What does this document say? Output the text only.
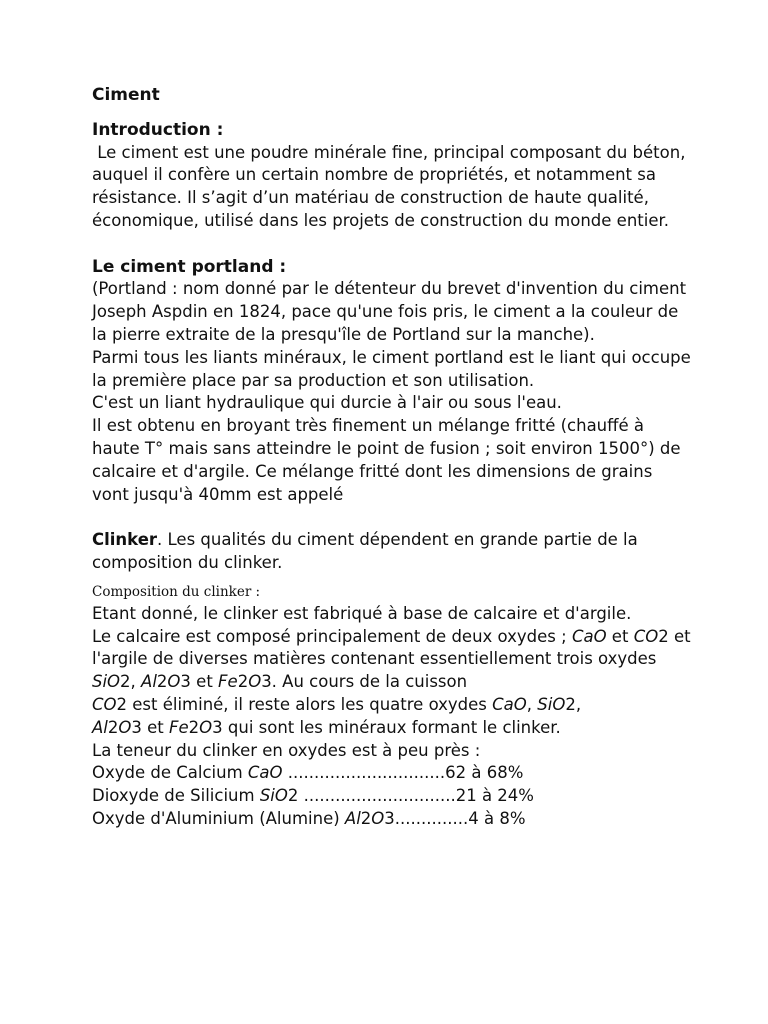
Ciment

Introduction :

Le ciment est une poudre minérale fine, principal composant du béton, auquel il confère un certain nombre de propriétés, et notamment sa résistance. Il s’agit d’un matériau de construction de haute qualité, économique, utilisé dans les projets de construction du monde entier.

Le ciment portland :

(Portland : nom donné par le détenteur du brevet d'invention du ciment Joseph Aspdin en 1824, pace qu'une fois pris, le ciment a la couleur de la pierre extraite de la presqu'île de Portland sur la manche).

Parmi tous les liants minéraux, le ciment portland est le liant qui occupe la première place par sa production et son utilisation.

C'est un liant hydraulique qui durcie à l'air ou sous l'eau.

Il est obtenu en broyant très finement un mélange fritté (chauffé à haute T° mais sans atteindre le point de fusion ; soit environ 1500°) de calcaire et d'argile. Ce mélange fritté dont les dimensions de grains vont jusqu'à 40mm est appelé

Clinker. Les qualités du ciment dépendent en grande partie de la composition du clinker.

Composition du clinker :

Etant donné, le clinker est fabriqué à base de calcaire et d'argile.

Le calcaire est composé principalement de deux oxydes ; CaO et CO2 et l'argile de diverses matières contenant essentiellement trois oxydes SiO2, Al2O3 et Fe2O3. Au cours de la cuisson

CO2 est éliminé, il reste alors les quatre oxydes CaO, SiO2,
Al2O3 et Fe2O3 qui sont les minéraux formant le clinker.

La teneur du clinker en oxydes est à peu près :

Oxyde de Calcium CaO ..............................62 à 68%

Dioxyde de Silicium SiO2 .............................21 à 24%

Oxyde d'Aluminium (Alumine) Al2O3..............4 à 8%
